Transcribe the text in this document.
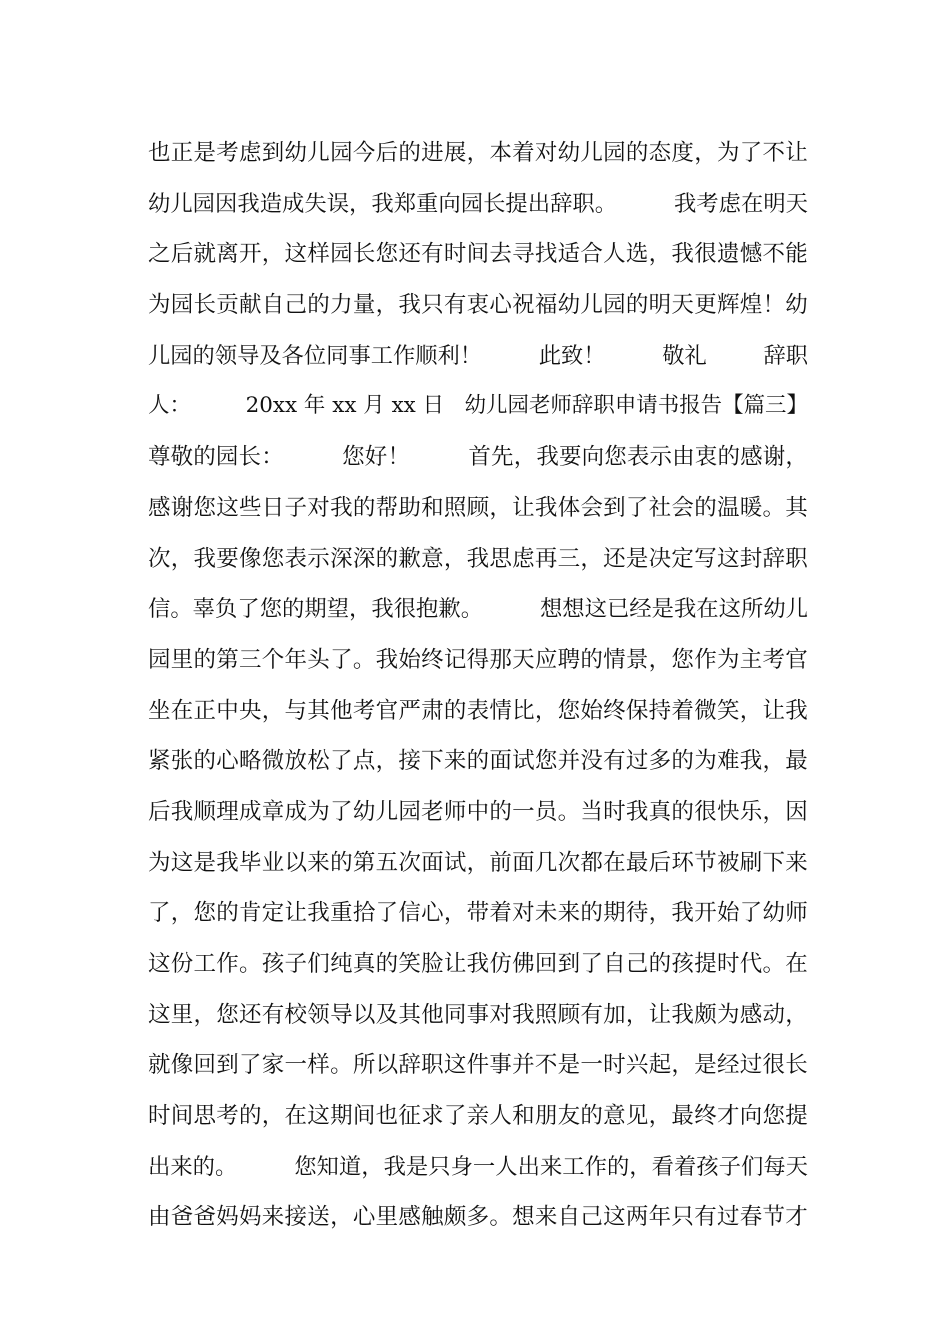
也正是考虑到幼儿园今后的进展，本着对幼儿园的态度，为了不让
幼儿园因我造成失误，我郑重向园长提出辞职。        我考虑在明天
之后就离开，这样园长您还有时间去寻找适合人选，我很遗憾不能
为园长贡献自己的力量，我只有衷心祝福幼儿园的明天更辉煌！幼
儿园的领导及各位同事工作顺利！        此致！        敬礼        辞职
人：        20xx 年 xx 月 xx 日   幼儿园老师辞职申请书报告【篇三】
尊敬的园长：        您好！        首先，我要向您表示由衷的感谢，
感谢您这些日子对我的帮助和照顾，让我体会到了社会的温暖。其
次，我要像您表示深深的歉意，我思虑再三，还是决定写这封辞职
信。辜负了您的期望，我很抱歉。        想想这已经是我在这所幼儿
园里的第三个年头了。我始终记得那天应聘的情景，您作为主考官
坐在正中央，与其他考官严肃的表情比，您始终保持着微笑，让我
紧张的心略微放松了点，接下来的面试您并没有过多的为难我，最
后我顺理成章成为了幼儿园老师中的一员。当时我真的很快乐，因
为这是我毕业以来的第五次面试，前面几次都在最后环节被刷下来
了，您的肯定让我重拾了信心，带着对未来的期待，我开始了幼师
这份工作。孩子们纯真的笑脸让我仿佛回到了自己的孩提时代。在
这里，您还有校领导以及其他同事对我照顾有加，让我颇为感动，
就像回到了家一样。所以辞职这件事并不是一时兴起，是经过很长
时间思考的，在这期间也征求了亲人和朋友的意见，最终才向您提
出来的。        您知道，我是只身一人出来工作的，看着孩子们每天
由爸爸妈妈来接送，心里感触颇多。想来自己这两年只有过春节才
